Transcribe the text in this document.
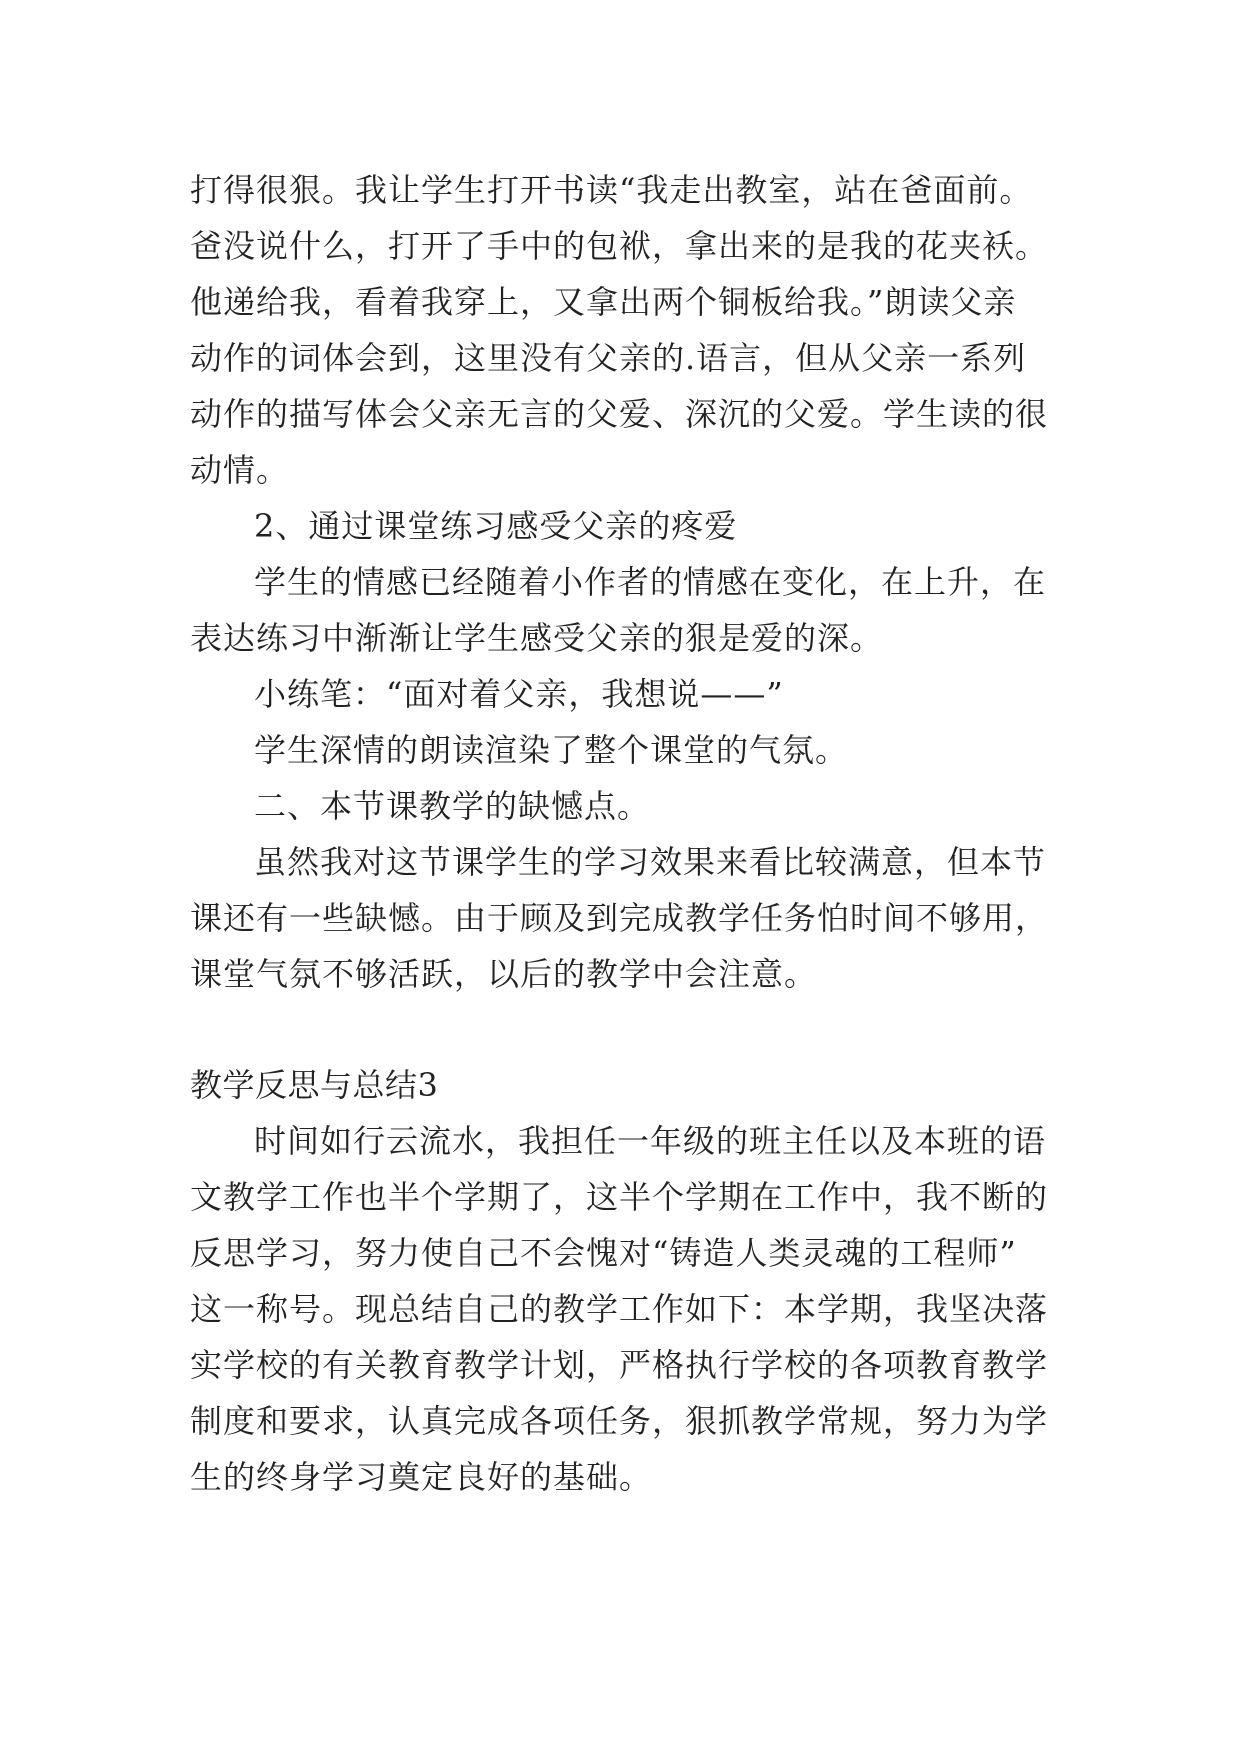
打得很狠。我让学生打开书读“我走出教室，站在爸面前。
爸没说什么，打开了手中的包袱，拿出来的是我的花夹袄。
他递给我，看着我穿上，又拿出两个铜板给我。”朗读父亲
动作的词体会到，这里没有父亲的.语言，但从父亲一系列
动作的描写体会父亲无言的父爱、深沉的父爱。学生读的很
动情。
2、通过课堂练习感受父亲的疼爱
学生的情感已经随着小作者的情感在变化，在上升，在
表达练习中渐渐让学生感受父亲的狠是爱的深。
小练笔：“面对着父亲，我想说——”
学生深情的朗读渲染了整个课堂的气氛。
二、本节课教学的缺憾点。
虽然我对这节课学生的学习效果来看比较满意，但本节
课还有一些缺憾。由于顾及到完成教学任务怕时间不够用，
课堂气氛不够活跃，以后的教学中会注意。
教学反思与总结3
时间如行云流水，我担任一年级的班主任以及本班的语
文教学工作也半个学期了，这半个学期在工作中，我不断的
反思学习，努力使自己不会愧对“铸造人类灵魂的工程师”
这一称号。现总结自己的教学工作如下：本学期，我坚决落
实学校的有关教育教学计划，严格执行学校的各项教育教学
制度和要求，认真完成各项任务，狠抓教学常规，努力为学
生的终身学习奠定良好的基础。
